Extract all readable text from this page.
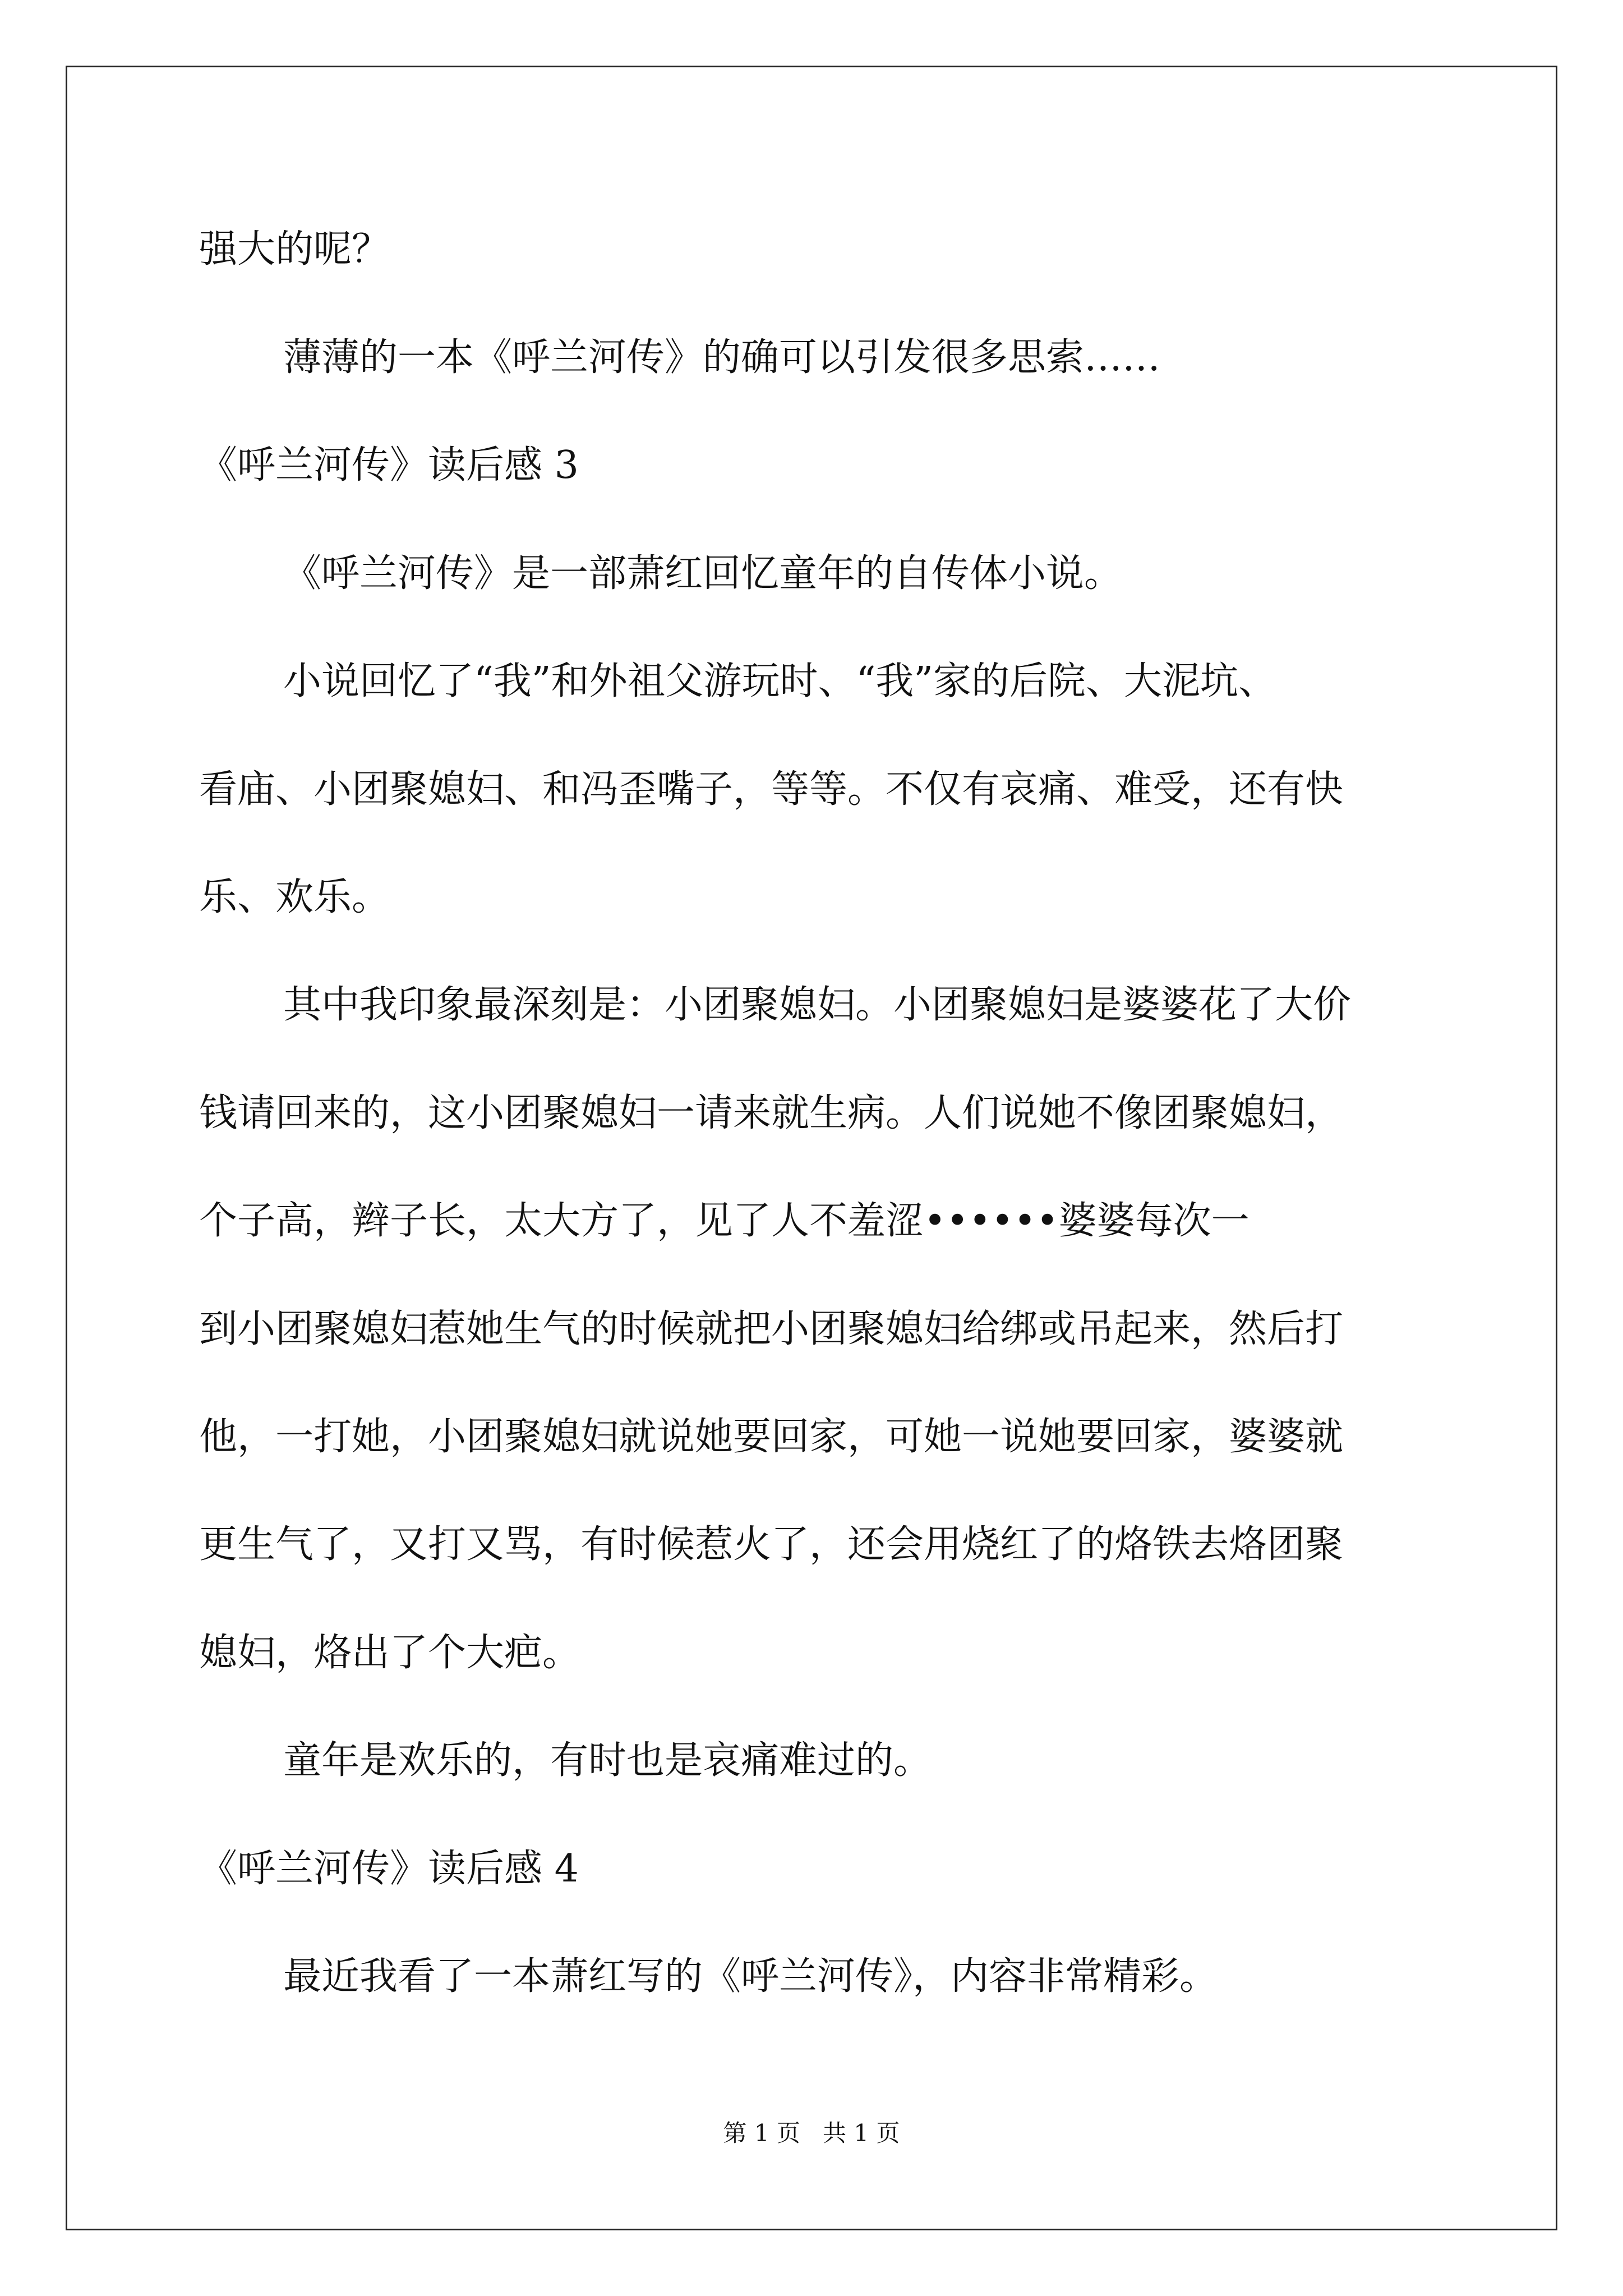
强大的呢？
薄薄的一本《呼兰河传》的确可以引发很多思索……
《呼兰河传》读后感 3
《呼兰河传》是一部萧红回忆童年的自传体小说。
小说回忆了“我”和外祖父游玩时、“我”家的后院、大泥坑、
看庙、小团聚媳妇、和冯歪嘴子，等等。不仅有哀痛、难受，还有快
乐、欢乐。
其中我印象最深刻是：小团聚媳妇。小团聚媳妇是婆婆花了大价
钱请回来的，这小团聚媳妇一请来就生病。人们说她不像团聚媳妇，
个子高，辫子长，太大方了，见了人不羞涩••••••婆婆每次一
到小团聚媳妇惹她生气的时候就把小团聚媳妇给绑或吊起来，然后打
他，一打她，小团聚媳妇就说她要回家，可她一说她要回家，婆婆就
更生气了，又打又骂，有时候惹火了，还会用烧红了的烙铁去烙团聚
媳妇，烙出了个大疤。
童年是欢乐的，有时也是哀痛难过的。
《呼兰河传》读后感 4
最近我看了一本萧红写的《呼兰河传》，内容非常精彩。
第 1 页   共 1 页
